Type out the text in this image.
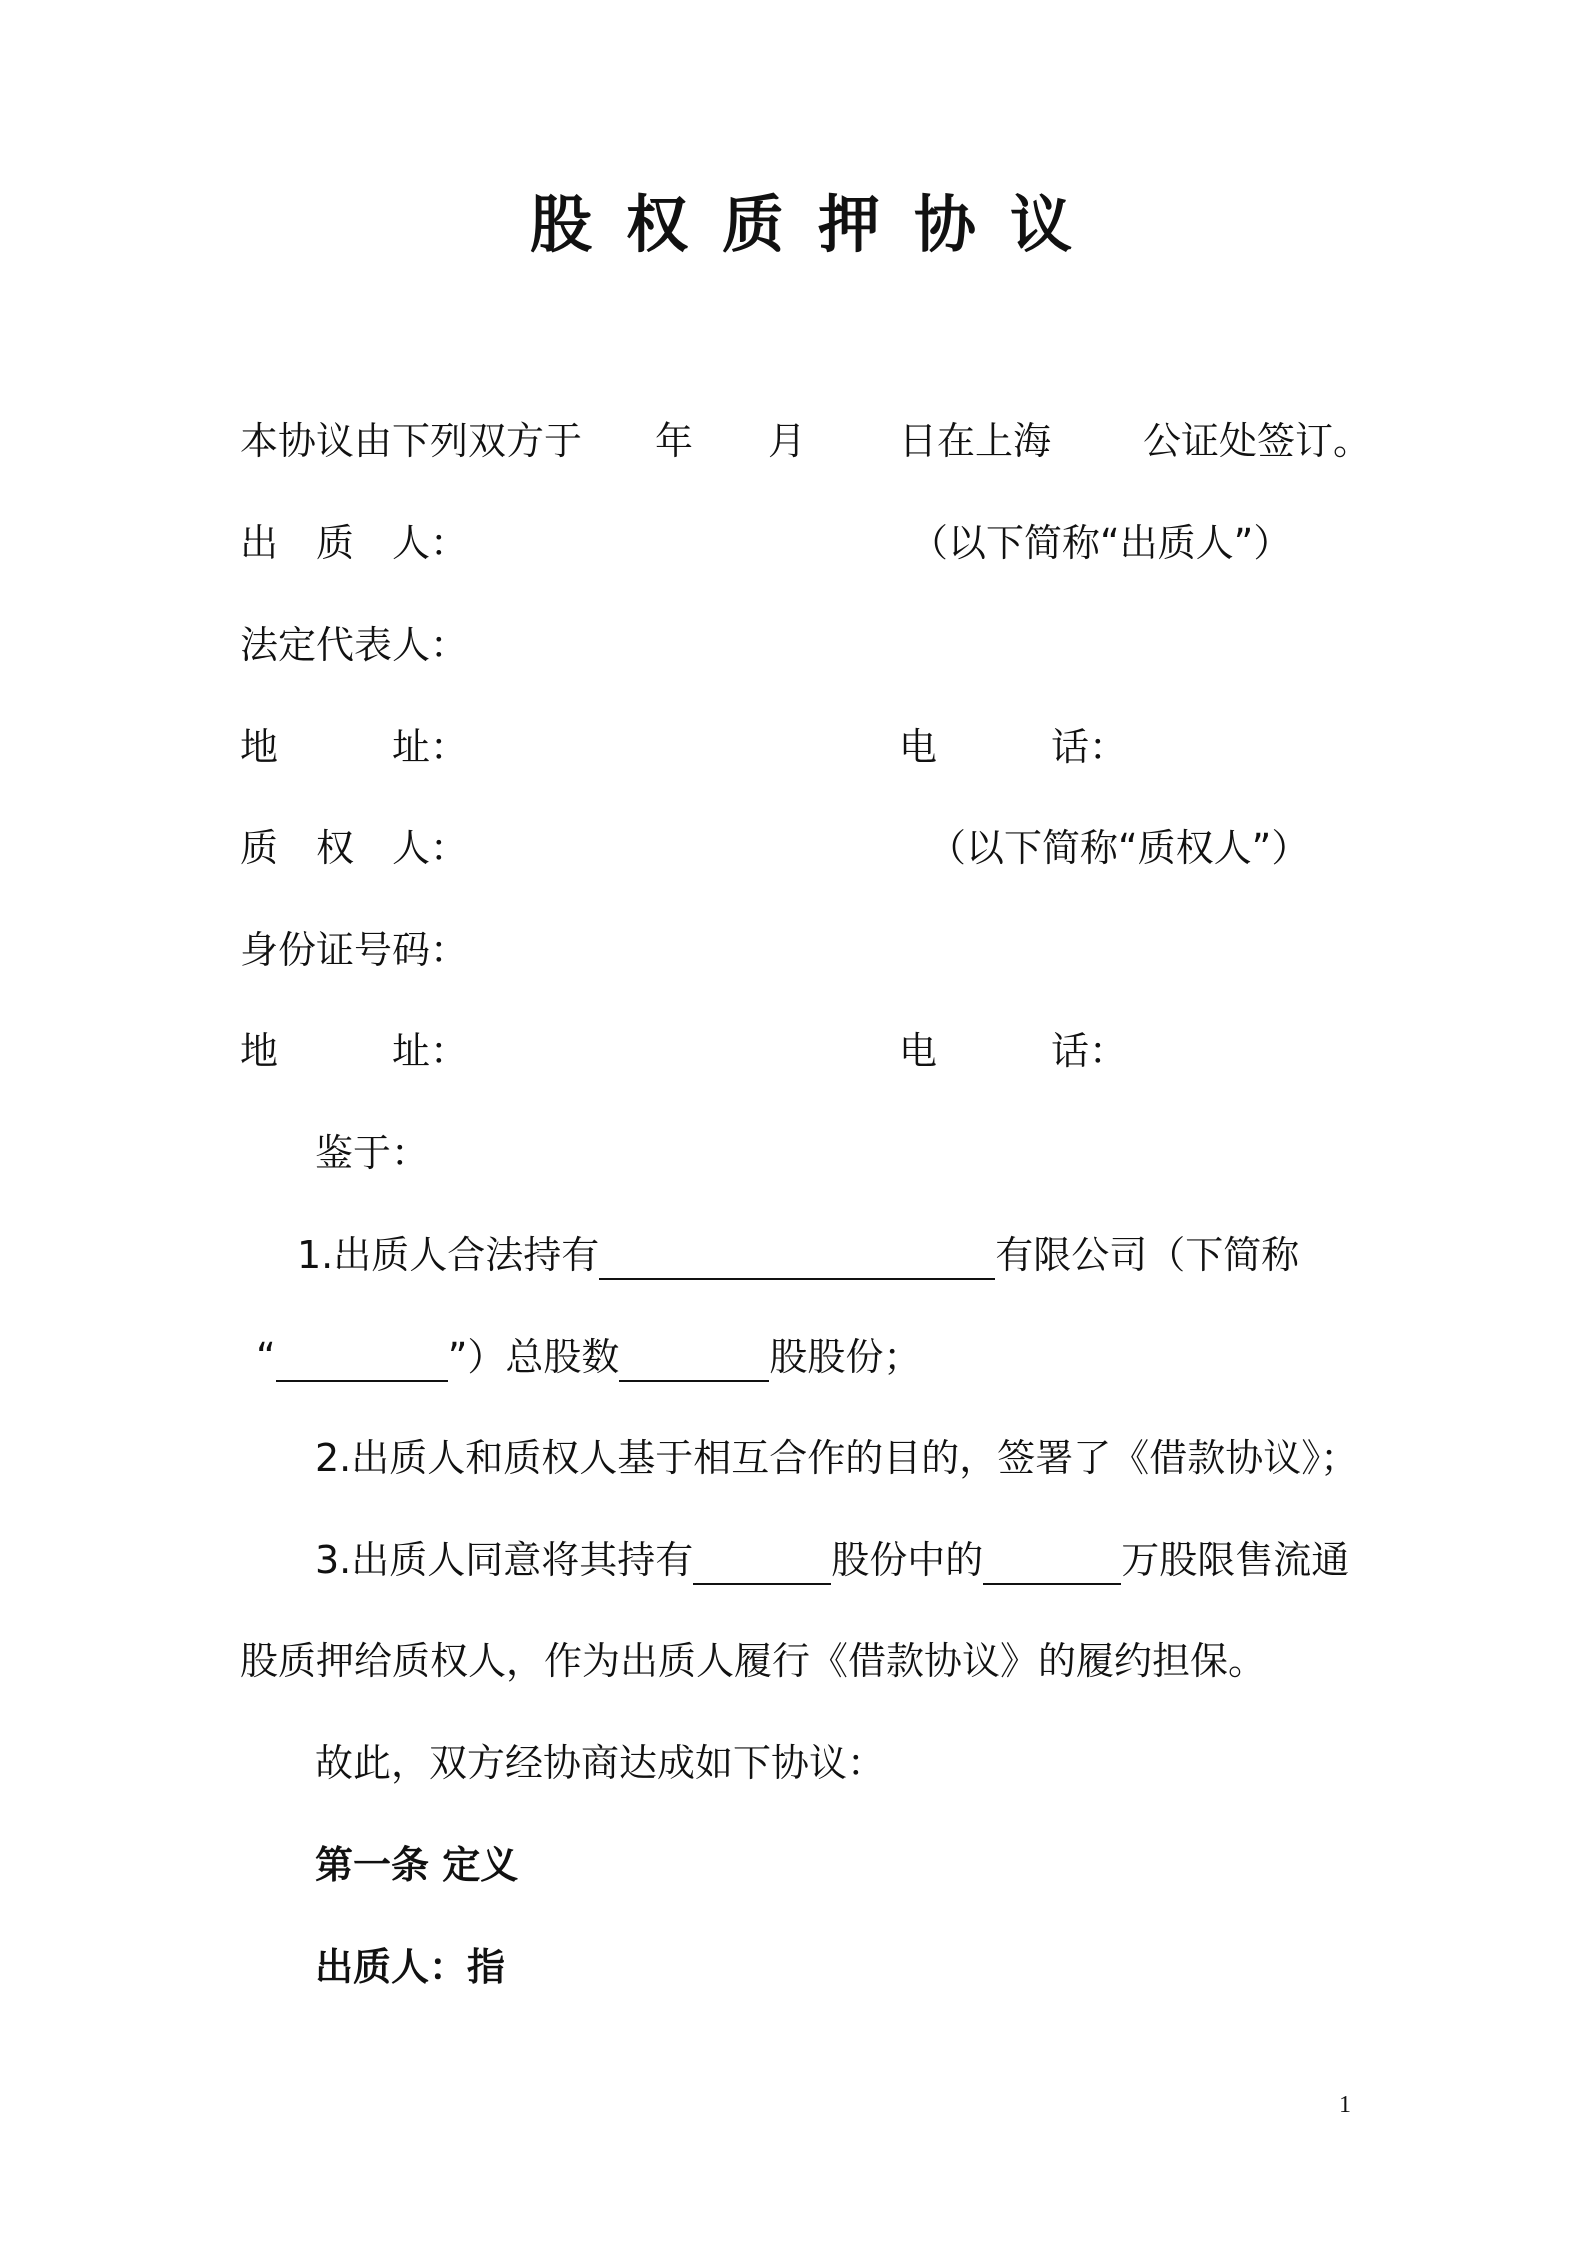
股权质押协议
本协议由下列双方于 年 月 日在上海 公证处签订。
出　质　人：	（以下简称“出质人”）
法定代表人：
地　　　址：	电　　　话：
质　权　人：	（以下简称“质权人”）
身份证号码：
地　　　址：	电　　　话：
鉴于：
1.出质人合法持有	有限公司（下简称
“	”）总股数	股股份；
2.出质人和质权人基于相互合作的目的，签署了《借款协议》；
3.出质人同意将其持有	股份中的	万股限售流通
股质押给质权人，作为出质人履行《借款协议》的履约担保。
故此，双方经协商达成如下协议：
第一条 定义
出质人：指
1
